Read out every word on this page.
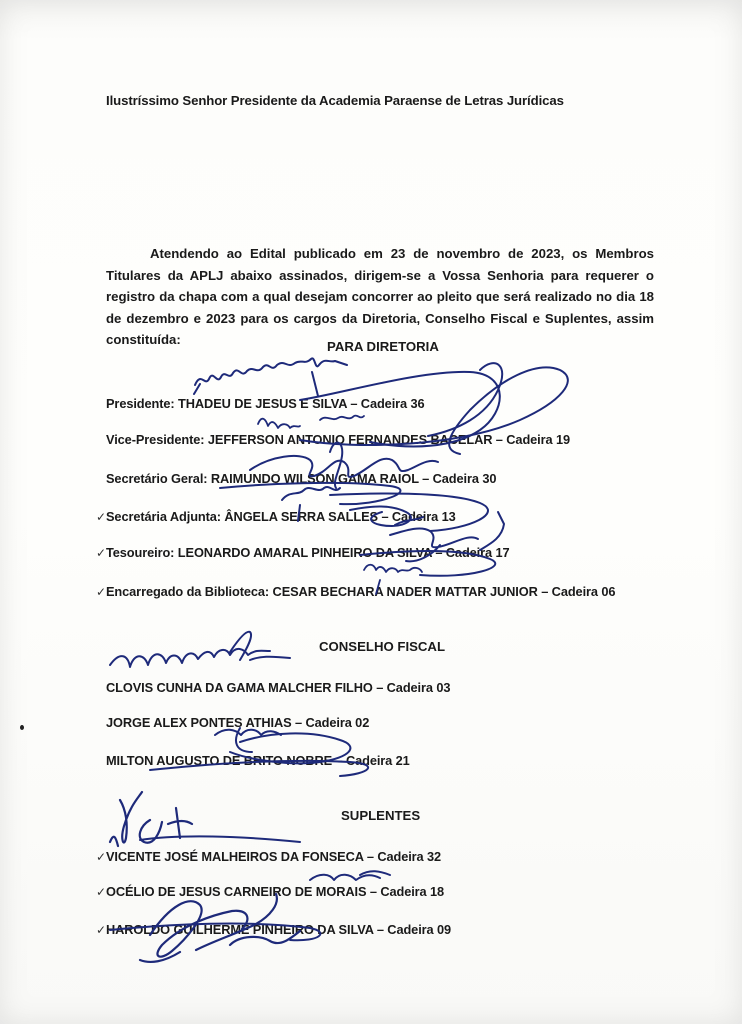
Ilustríssimo Senhor Presidente da Academia Paraense de Letras Jurídicas
Atendendo ao Edital publicado em 23 de novembro de 2023, os Membros Titulares da APLJ abaixo assinados, dirigem-se a Vossa Senhoria para requerer o registro da chapa com a qual desejam concorrer ao pleito que será realizado no dia 18 de dezembro e 2023 para os cargos da Diretoria, Conselho Fiscal e Suplentes, assim constituída:	PARA DIRETORIA
Presidente: THADEU DE JESUS E SILVA – Cadeira 36
Vice-Presidente: JEFFERSON ANTONIO FERNANDES BACELAR – Cadeira 19
Secretário Geral: RAIMUNDO WILSON GAMA RAIOL – Cadeira 30
✓ Secretária Adjunta: ÂNGELA SERRA SALLES – Cadeira 13
✓ Tesoureiro: LEONARDO AMARAL PINHEIRO DA SILVA – Cadeira 17
✓ Encarregado da Biblioteca: CESAR BECHARA NADER MATTAR JUNIOR – Cadeira 06
CONSELHO FISCAL
CLOVIS CUNHA DA GAMA MALCHER FILHO – Cadeira 03
JORGE ALEX PONTES ATHIAS – Cadeira 02
MILTON AUGUSTO DE BRITO NOBRE – Cadeira 21
SUPLENTES
✓ VICENTE JOSÉ MALHEIROS DA FONSECA – Cadeira 32
✓ OCÉLIO DE JESUS CARNEIRO DE MORAIS – Cadeira 18
✓ HAROLDO GUILHERME PINHEIRO DA SILVA – Cadeira 09
